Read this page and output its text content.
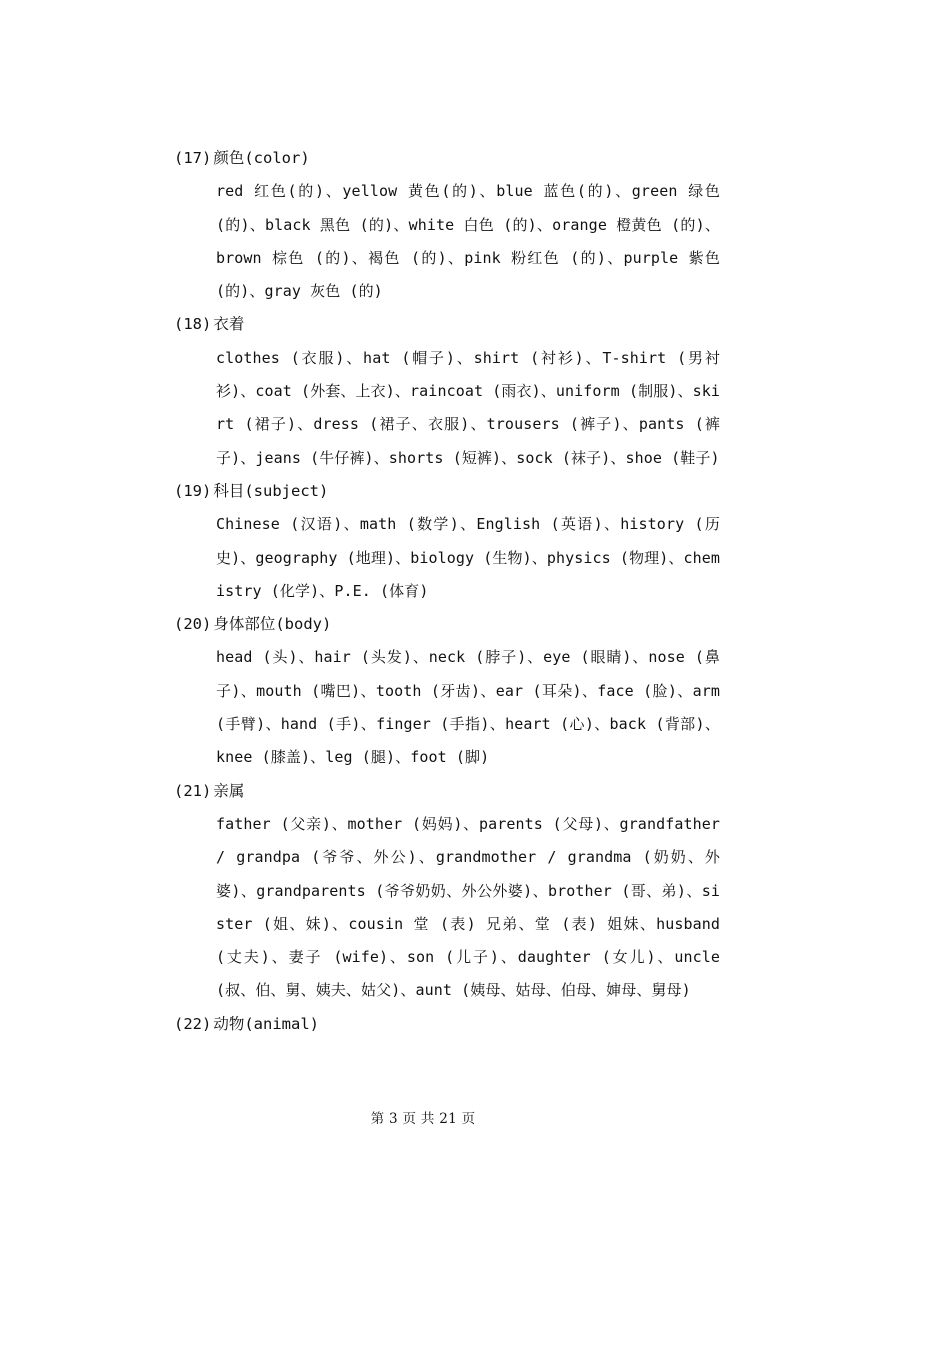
(17) 颜色(color)
red 红色(的)、yellow 黄色(的)、blue 蓝色(的)、green 绿色(的)、black 黑色 (的)、white 白色 (的)、orange 橙黄色 (的)、brown 棕色 (的)、褐色 (的)、pink 粉红色 (的)、purple 紫色 (的)、gray 灰色 (的)
(18) 衣着
clothes (衣服)、hat (帽子)、shirt (衬衫)、T-shirt (男衬衫)、coat (外套、上衣)、raincoat (雨衣)、uniform (制服)、skirt (裙子)、dress (裙子、衣服)、trousers (裤子)、pants (裤子)、jeans (牛仔裤)、shorts (短裤)、sock (袜子)、shoe (鞋子)
(19) 科目(subject)
Chinese (汉语)、math (数学)、English (英语)、history (历史)、geography (地理)、biology (生物)、physics (物理)、chemistry (化学)、P.E. (体育)
(20) 身体部位(body)
head (头)、hair (头发)、neck (脖子)、eye (眼睛)、nose (鼻子)、mouth (嘴巴)、tooth (牙齿)、ear (耳朵)、face (脸)、arm (手臂)、hand (手)、finger (手指)、heart (心)、back (背部)、knee (膝盖)、leg (腿)、foot (脚)
(21) 亲属
father (父亲)、mother (妈妈)、parents (父母)、grandfather / grandpa (爷爷、外公)、grandmother / grandma (奶奶、外婆)、grandparents (爷爷奶奶、外公外婆)、brother (哥、弟)、sister (姐、妹)、cousin 堂 (表) 兄弟、堂 (表) 姐妹、husband (丈夫)、妻子 (wife)、son (儿子)、daughter (女儿)、uncle (叔、伯、舅、姨夫、姑父)、aunt (姨母、姑母、伯母、婶母、舅母)
(22) 动物(animal)
第 3 页 共 21 页
